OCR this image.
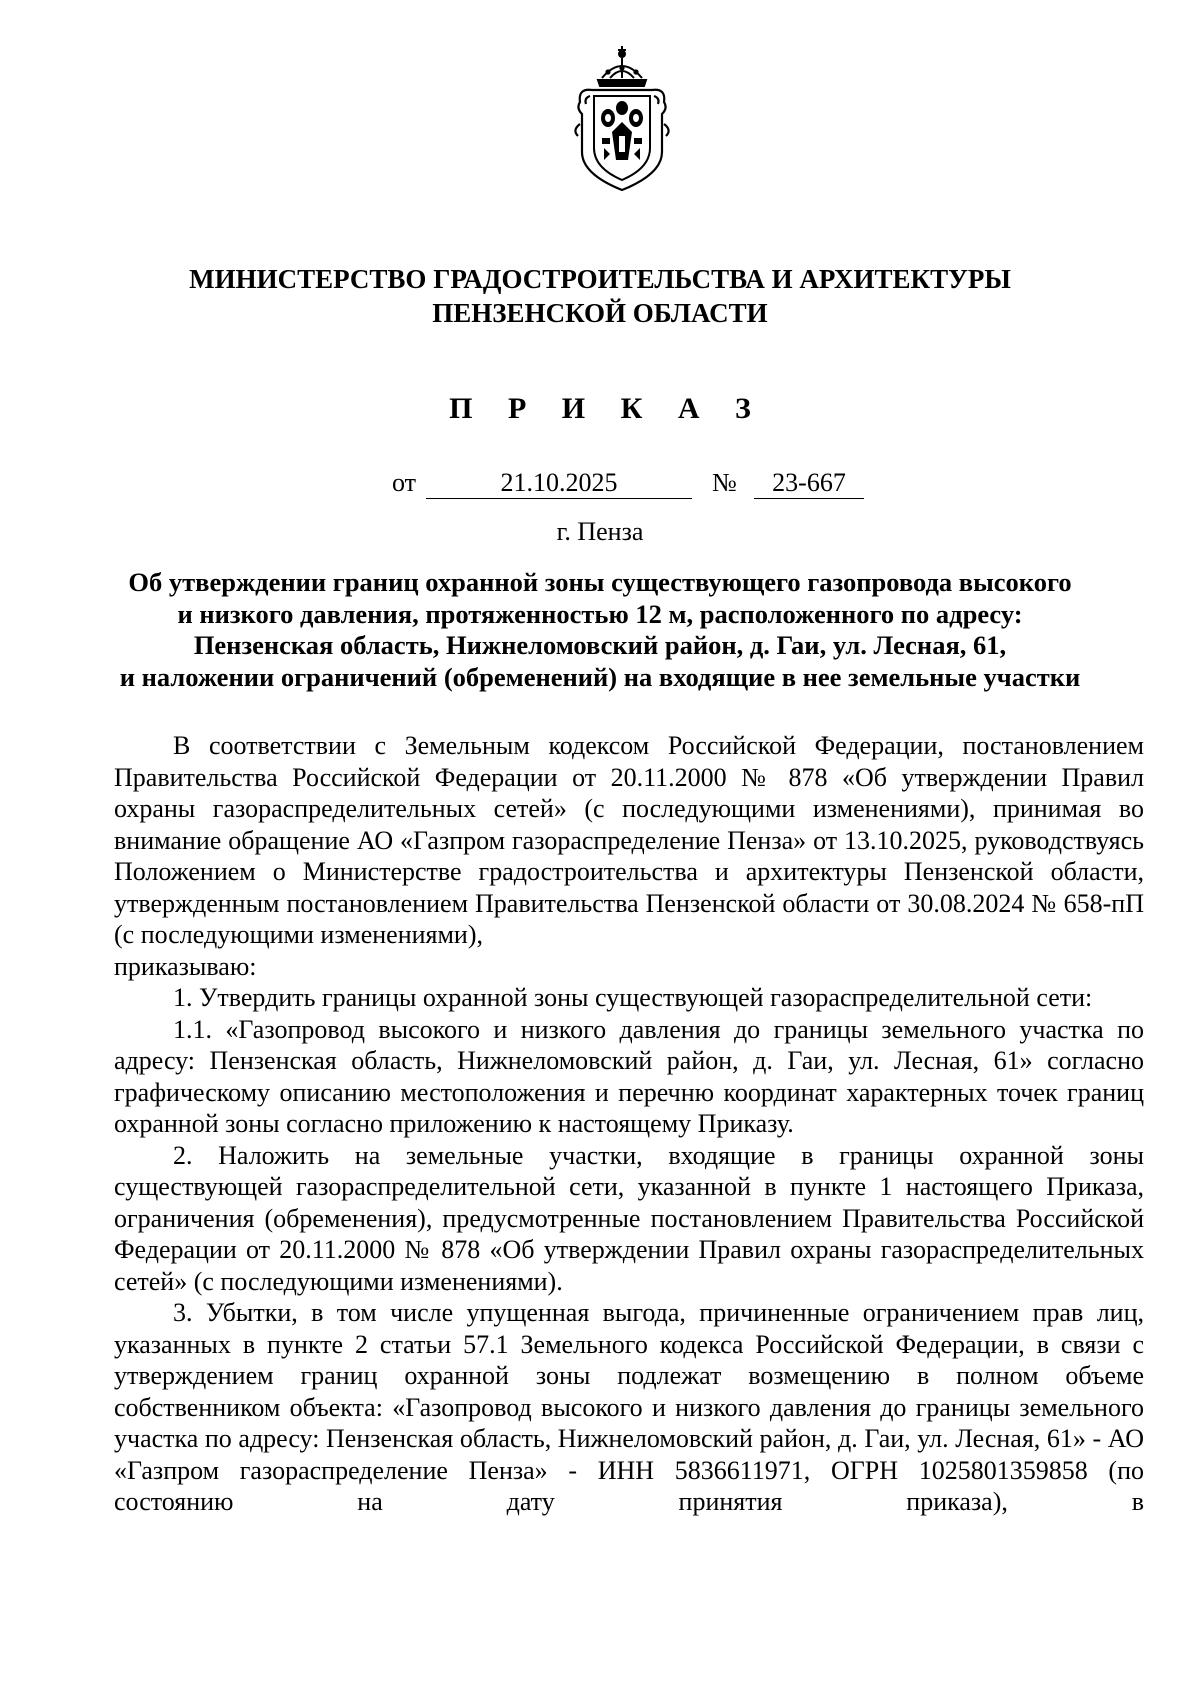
МИНИСТЕРСТВО ГРАДОСТРОИТЕЛЬСТВА И АРХИТЕКТУРЫ
ПЕНЗЕНСКОЙ ОБЛАСТИ
П Р И К А З
от	21.10.2025	№	23-667
г. Пенза
Об утверждении границ охранной зоны существующего газопровода высокого
и низкого давления, протяженностью 12 м, расположенного по адресу:
Пензенская область, Нижнеломовский район, д. Гаи, ул. Лесная, 61,
и наложении ограничений (обременений) на входящие в нее земельные участки

В соответствии с Земельным кодексом Российской Федерации, постановлением Правительства Российской Федерации от 20.11.2000 № 878 «Об утверждении Правил охраны газораспределительных сетей» (с последующими изменениями), принимая во внимание обращение АО «Газпром газораспределение Пенза» от 13.10.2025, руководствуясь Положением о Министерстве градостроительства и архитектуры Пензенской области, утвержденным постановлением Правительства Пензенской области от 30.08.2024 № 658-пП (с последующими изменениями),

приказываю:

1. Утвердить границы охранной зоны существующей газораспределительной сети:

1.1. «Газопровод высокого и низкого давления до границы земельного участка по адресу: Пензенская область, Нижнеломовский район, д. Гаи, ул. Лесная, 61» согласно графическому описанию местоположения и перечню координат характерных точек границ охранной зоны согласно приложению к настоящему Приказу.

2. Наложить на земельные участки, входящие в границы охранной зоны существующей газораспределительной сети, указанной в пункте 1 настоящего Приказа, ограничения (обременения), предусмотренные постановлением Правительства Российской Федерации от 20.11.2000 № 878 «Об утверждении Правил охраны газораспределительных сетей» (с последующими изменениями).

3. Убытки, в том числе упущенная выгода, причиненные ограничением прав лиц, указанных в пункте 2 статьи 57.1 Земельного кодекса Российской Федерации, в связи с утверждением границ охранной зоны подлежат возмещению в полном объеме собственником объекта: «Газопровод высокого и низкого давления до границы земельного участка по адресу: Пензенская область, Нижнеломовский район, д. Гаи, ул. Лесная, 61» - АО «Газпром газораспределение Пенза» - ИНН 5836611971, ОГРН 1025801359858 (по состоянию на дату принятия приказа), в
